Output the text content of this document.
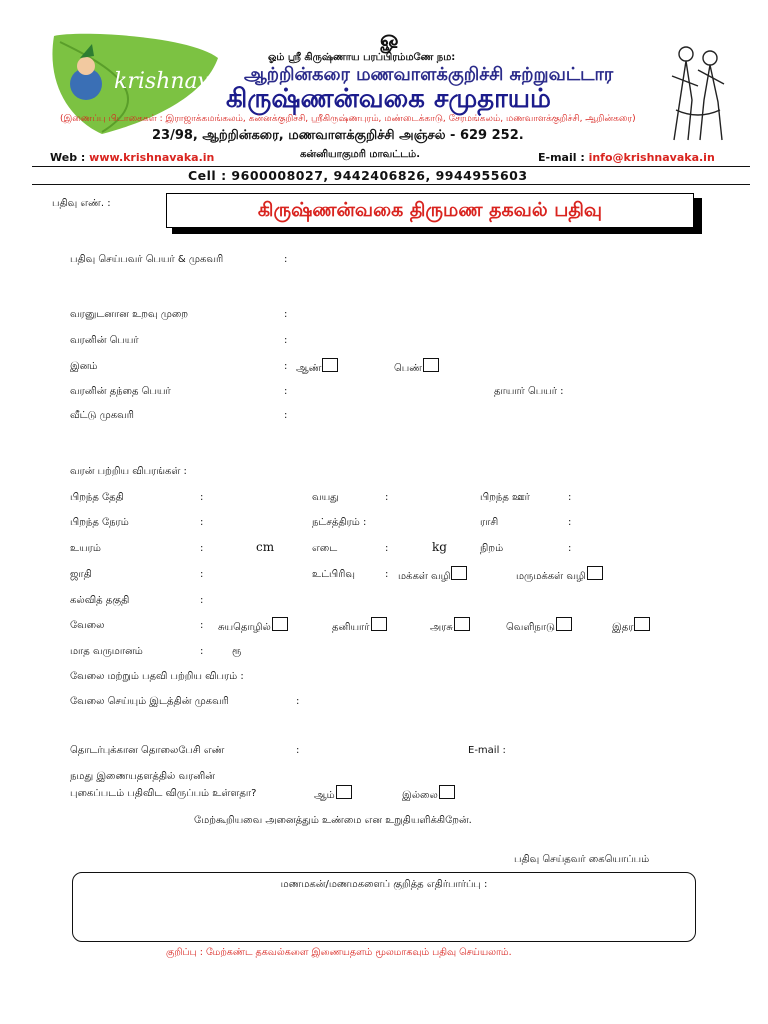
krishnavaka
ௐ
ஓம் ஸ்ரீ கிருஷ்ணாய பரப்பிரம்மணே நம:
ஆற்றின்கரை மணவாளக்குறிச்சி சுற்றுவட்டார
கிருஷ்ணன்வகை சமுதாயம்
(இணைப்பு பிடாகைகள் : இராஜாக்கமங்கலம், கன்னக்குறிச்சி, ஸ்ரீகிருஷ்ணபுரம், மண்டைக்காடு, சேரமங்கலம், மணவாளக்குறிச்சி, ஆறின்கரை)
23/98, ஆற்றின்கரை, மணவாளக்குறிச்சி அஞ்சல் - 629 252.
கன்னியாகுமரி மாவட்டம்.
Web : www.krishnavaka.in	E-mail : info@krishnavaka.in
Cell : 9600008027, 9442406826, 9944955603
பதிவு எண். :	கிருஷ்ணன்வகை திருமண தகவல் பதிவு
பதிவு செய்பவர் பெயர் & முகவரி	:
வரனுடனான உறவு முறை	:
வரனின் பெயர்	:
இனம்	: ஆண்	பெண்
வரனின் தந்தை பெயர்	:	தாயார் பெயர் :
வீட்டு முகவரி	:
வரன் பற்றிய விபரங்கள் :
பிறந்த தேதி	:	வயது	:	பிறந்த ஊர்	:
பிறந்த நேரம்	:	நட்சத்திரம் :	ராசி	:
உயரம்	:	cm	எடை	:	kg	நிறம்	:
ஜாதி	:	உட்பிரிவு	: மக்கள் வழி	மருமக்கள் வழி
கல்வித் தகுதி	:
வேலை	: சுயதொழில்	தனியார்	அரசு	வெளிநாடு	இதர
மாத வருமானம்	:	ரூ
வேலை மற்றும் பதவி பற்றிய விபரம் :
வேலை செய்யும் இடத்தின் முகவரி	:
தொடர்புக்கான தொலைபேசி எண்	:	E-mail :
நமது இணையதளத்தில் வரனின்
புகைப்படம் பதிவிட விருப்பம் உள்ளதா?	ஆம்	இல்லை
மேற்கூறியவை அனைத்தும் உண்மை என உறுதியளிக்கிறேன்.
பதிவு செய்தவர் கையொப்பம்
மணமகன்/மணமகளைப் குறித்த எதிர்பார்ப்பு :
குறிப்பு : மேற்கண்ட தகவல்களை இணையதளம் மூலமாகவும் பதிவு செய்யலாம்.
